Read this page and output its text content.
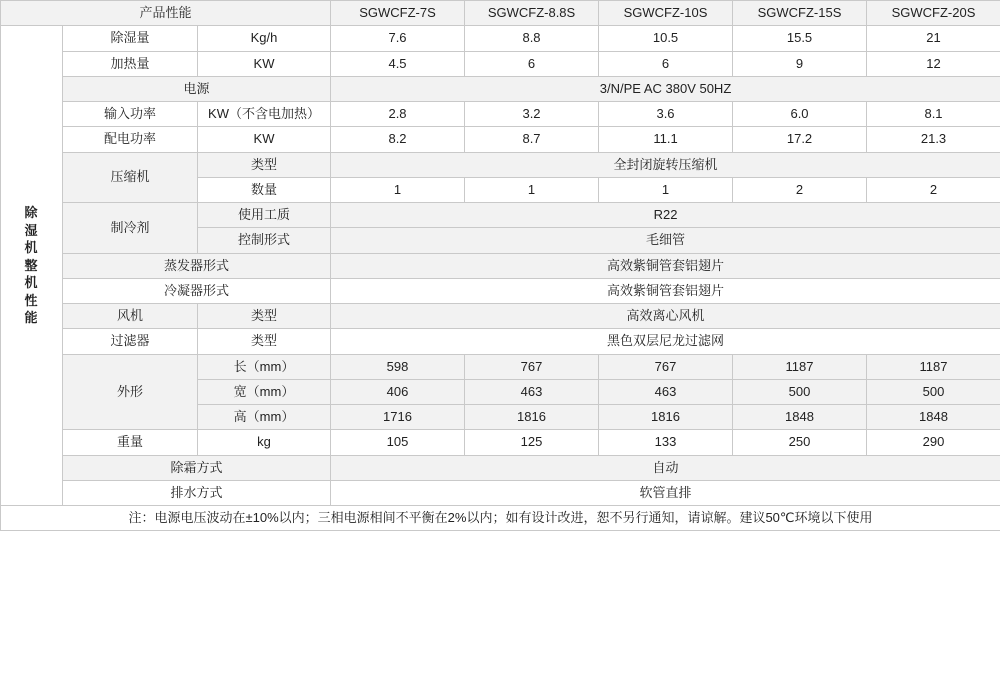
产品性能			SGWCFZ-7S	SGWCFZ-8.8S	SGWCFZ-10S	SGWCFZ-15S	SGWCFZ-20S

除湿机整机性能	除湿量	Kg/h	7.6	8.8	10.5	15.5	21
	加热量	KW	4.5	6	6	9	12
	电源		3/N/PE AC 380V 50HZ				
	输入功率	KW（不含电加热）	2.8	3.2	3.6	6.0	8.1
	配电功率	KW	8.2	8.7	11.1	17.2	21.3
	压缩机	类型	全封闭旋转压缩机				
		数量	1	1	1	2	2
	制冷剂	使用工质	R22				
		控制形式	毛细管				
	蒸发器形式		高效紫铜管套铝翅片				
	冷凝器形式		高效紫铜管套铝翅片				
	风机	类型	高效离心风机				
	过滤器	类型	黑色双层尼龙过滤网				
	外形	长（mm）	598	767	767	1187	1187
		宽（mm）	406	463	463	500	500
		高（mm）	1716	1816	1816	1848	1848
	重量	kg	105	125	133	250	290
	除霜方式		自动				
	排水方式		软管直排				
注：电源电压波动在±10%以内；三相电源相间不平衡在2%以内；如有设计改进，恕不另行通知，请谅解。建议50℃环境以下使用							
